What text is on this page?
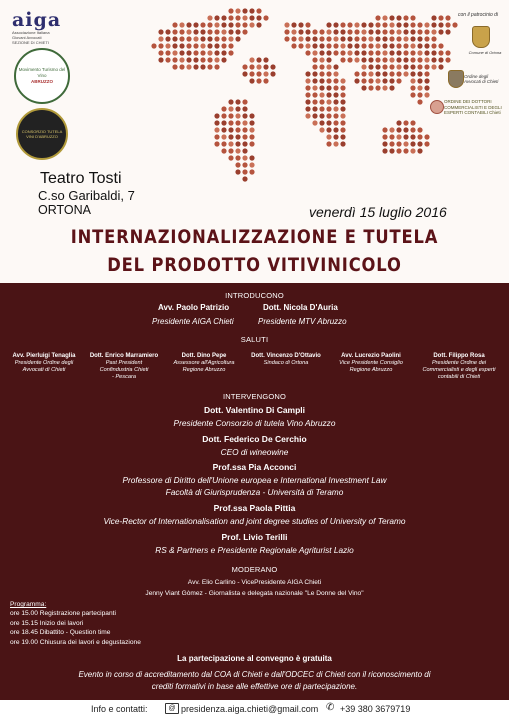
aiga
Associazione Italiana
Giovani Avvocati
SEZIONE DI CHIETI
Movimento Turismo del Vino
ABRUZZO
CONSORZIO TUTELA VINI D'ABRUZZO
con il patrocinio di
Comune di Ortona
Ordine degli Avvocati di Chieti
ORDINE DEI DOTTORI COMMERCIALISTI E DEGLI ESPERTI CONTABILI Chieti
Teatro Tosti
C.so Garibaldi, 7
ORTONA	venerdì 15 luglio 2016
INTERNAZIONALIZZAZIONE E TUTELA
DEL PRODOTTO VITIVINICOLO
INTRODUCONO
Avv. Paolo Patrizio
Presidente AIGA Chieti
Dott. Nicola D'Auria
Presidente MTV Abruzzo
SALUTI
Avv. Pierluigi Tenaglia
Presidente Ordine degli Avvocati di Chieti
Dott. Enrico Marramiero
Past President Confindustria Chieti - Pescara
Dott. Dino Pepe
Assessore all'Agricoltura Regione Abruzzo
Dott. Vincenzo D'Ottavio
Sindaco di Ortona
Avv. Lucrezio Paolini
Vice Presidente Consiglio Regione Abruzzo
Dott. Filippo Rosa
Presidente Ordine dei Commercialisti e degli esperti contabili di Chieti
INTERVENGONO
Dott. Valentino Di Campli
Presidente Consorzio di tutela Vino Abruzzo
Dott. Federico De Cerchio
CEO di wineowine
Prof.ssa Pia Acconci
Professore di Diritto dell'Unione europea e International Investment Law
Facoltà di Giurisprudenza - Università di Teramo
Prof.ssa Paola Pittia
Vice-Rector of Internationalisation and joint degree studies of University of Teramo
Prof. Livio Terilli
RS & Partners e Presidente Regionale Agriturist Lazio
MODERANO
Avv. Elio Carlino - VicePresidente AIGA Chieti
Jenny Viant Gòmez - Giornalista e delegata nazionale "Le Donne del Vino"
Programma:
ore 15.00 Registrazione partecipanti
ore 15.15 Inizio dei lavori
ore 18.45 Dibattito - Question time
ore 19.00 Chiusura dei lavori e degustazione
La partecipazione al convegno è gratuita
Evento in corso di accreditamento dal COA di Chieti e dall'ODCEC di Chieti con il riconoscimento di
crediti formativi in base alle effettive ore di partecipazione.
Info e contatti:	@ presidenza.aiga.chieti@gmail.com ✆ +39 380 3679719
